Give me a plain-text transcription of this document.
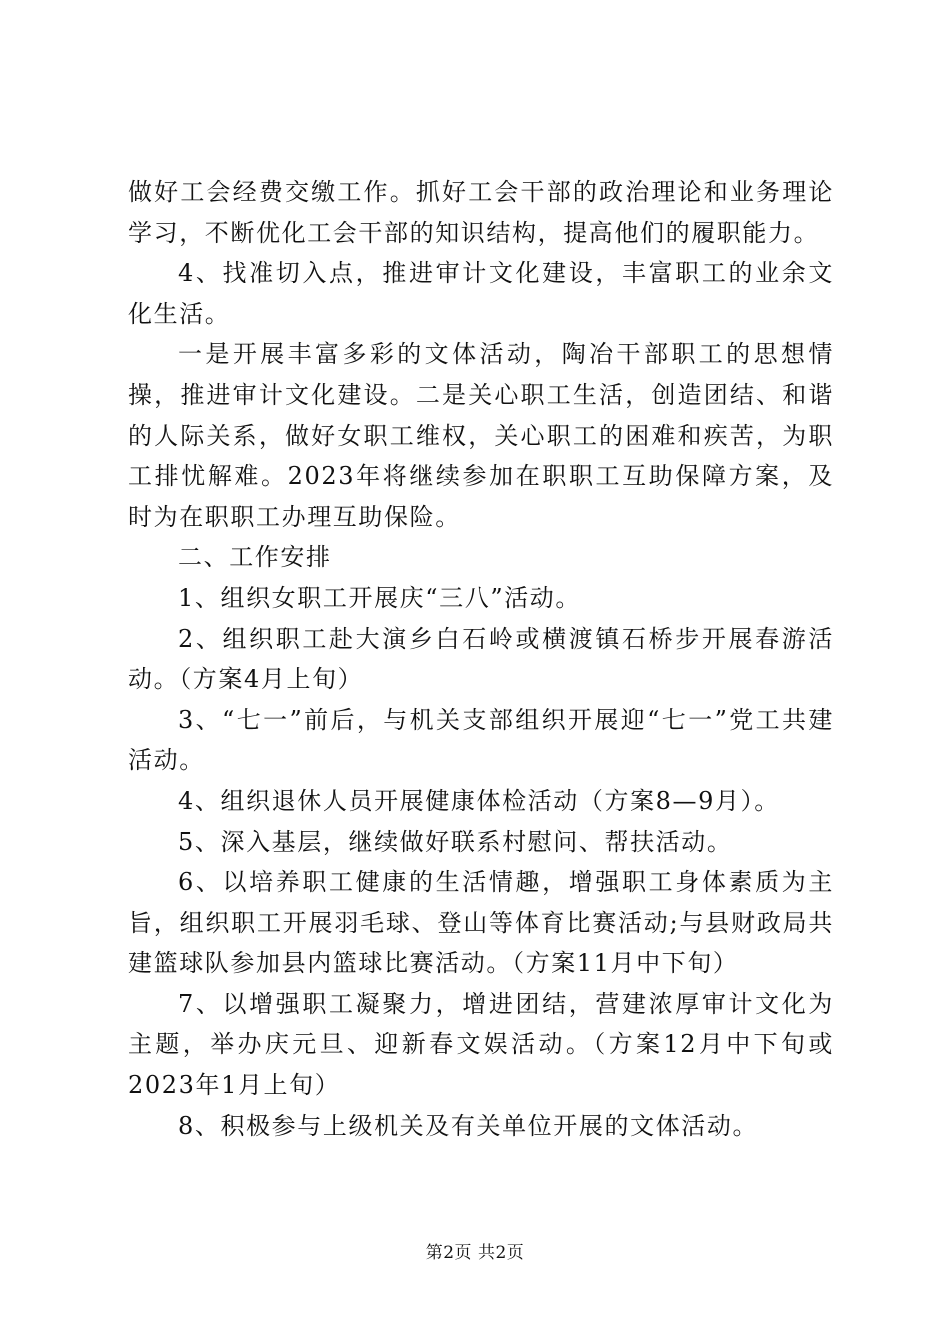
做好工会经费交缴工作。抓好工会干部的政治理论和业务理论学习，不断优化工会干部的知识结构，提高他们的履职能力。

4、找准切入点，推进审计文化建设，丰富职工的业余文化生活。

一是开展丰富多彩的文体活动，陶冶干部职工的思想情操，推进审计文化建设。二是关心职工生活，创造团结、和谐的人际关系，做好女职工维权，关心职工的困难和疾苦，为职工排忧解难。2023年将继续参加在职职工互助保障方案，及时为在职职工办理互助保险。

二、工作安排

1、组织女职工开展庆“三八”活动。

2、组织职工赴大演乡白石岭或横渡镇石桥步开展春游活动。（方案4月上旬）

3、“七一”前后，与机关支部组织开展迎“七一”党工共建活动。

4、组织退休人员开展健康体检活动（方案8—9月）。

5、深入基层，继续做好联系村慰问、帮扶活动。

6、以培养职工健康的生活情趣，增强职工身体素质为主旨，组织职工开展羽毛球、登山等体育比赛活动;与县财政局共建篮球队参加县内篮球比赛活动。（方案11月中下旬）

7、以增强职工凝聚力，增进团结，营建浓厚审计文化为主题，举办庆元旦、迎新春文娱活动。（方案12月中下旬或2023年1月上旬）

8、积极参与上级机关及有关单位开展的文体活动。

第2页 共2页
